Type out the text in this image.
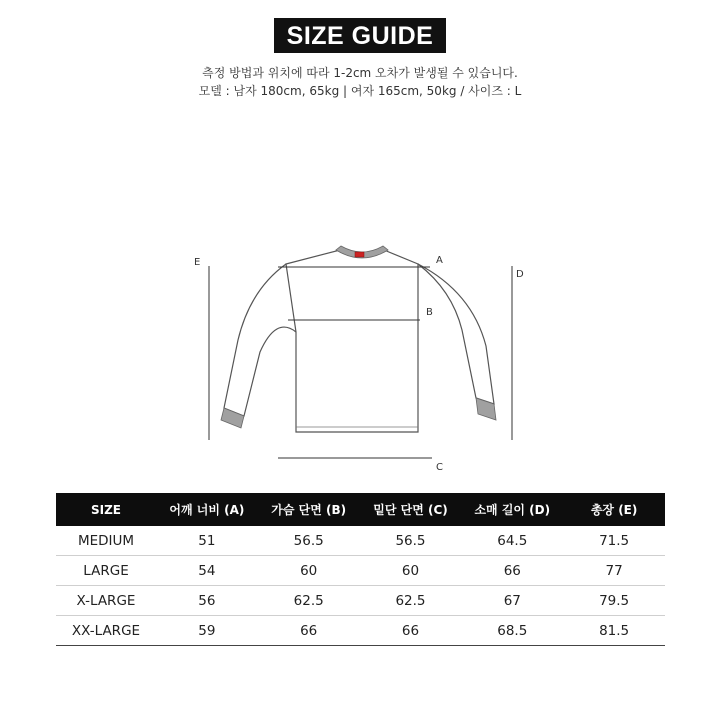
SIZE GUIDE
측정 방법과 위치에 따라 1-2cm 오차가 발생될 수 있습니다.
모델 : 남자 180cm, 65kg | 여자 165cm, 50kg / 사이즈 : L
A
B
C
D
E
SIZE	어깨 너비 (A)	가슴 단면 (B)	밑단 단면 (C)	소매 길이 (D)	총장 (E)
MEDIUM	51	56.5	56.5	64.5	71.5
LARGE	54	60	60	66	77
X-LARGE	56	62.5	62.5	67	79.5
XX-LARGE	59	66	66	68.5	81.5
